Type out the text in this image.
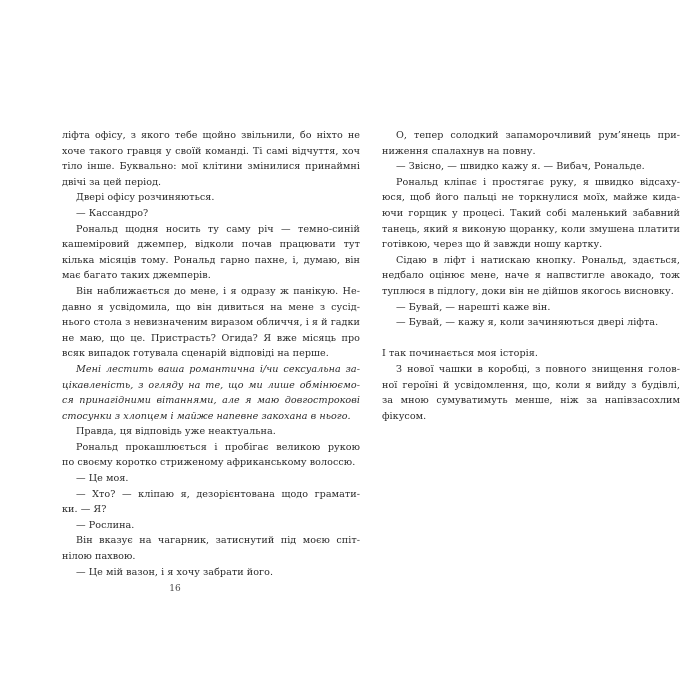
ліфта офісу, з якого тебе щойно звільнили, бо ніхто не
хоче такого гравця у своїй команді. Ті самі відчуття, хоч
тіло інше. Буквально: мої клітини змінилися принаймні
двічі за цей період.
Двері офісу розчиняються.
— Кассандро?
Рональд щодня носить ту саму річ — темно-синій
кашеміровий джемпер, відколи почав працювати тут
кілька місяців тому. Рональд гарно пахне, і, думаю, він
має багато таких джемперів.
Він наближається до мене, і я одразу ж панікую. Не-
давно я усвідомила, що він дивиться на мене з сусід-
нього стола з невизначеним виразом обличчя, і я й гадки
не маю, що це. Пристрасть? Огида? Я вже місяць про
всяк випадок готувала сценарій відповіді на перше.
Мені лестить ваша романтична і/чи сексуальна за-
цікавленість, з огляду на те, що ми лише обмінюємо-
ся принагідними вітаннями, але я маю довгострокові
стосунки з хлопцем і майже напевне закохана в нього.
Правда, ця відповідь уже неактуальна.
Рональд прокашлюється і пробігає великою рукою
по своєму коротко стриженому африканському волоссю.
— Це моя.
— Хто? — кліпаю я, дезорієнтована щодо грамати-
ки. — Я?
— Рослина.
Він вказує на чагарник, затиснутий під моєю спіт-
нілою пахвою.
— Це мій вазон, і я хочу забрати його.
О, тепер солодкий запаморочливий рум’янець при-
ниження спалахнув на повну.
— Звісно, — швидко кажу я. — Вибач, Рональде.
Рональд кліпає і простягає руку, я швидко відсаху-
юся, щоб його пальці не торкнулися моїх, майже кида-
ючи горщик у процесі. Такий собі маленький забавний
танець, який я виконую щоранку, коли змушена платити
готівкою, через що й завжди ношу картку.
Сідаю в ліфт і натискаю кнопку. Рональд, здається,
недбало оцінює мене, наче я напвстигле авокадо, тож
туплюся в підлогу, доки він не дійшов якогось висновку.
— Бувай, — нарешті каже він.
— Бувай, — кажу я, коли зачиняються двері ліфта.
І так починається моя історія.
З нової чашки в коробці, з повного знищення голов-
ної героїні й усвідомлення, що, коли я вийду з будівлі,
за мною сумуватимуть менше, ніж за напівзасохлим
фікусом.
16
